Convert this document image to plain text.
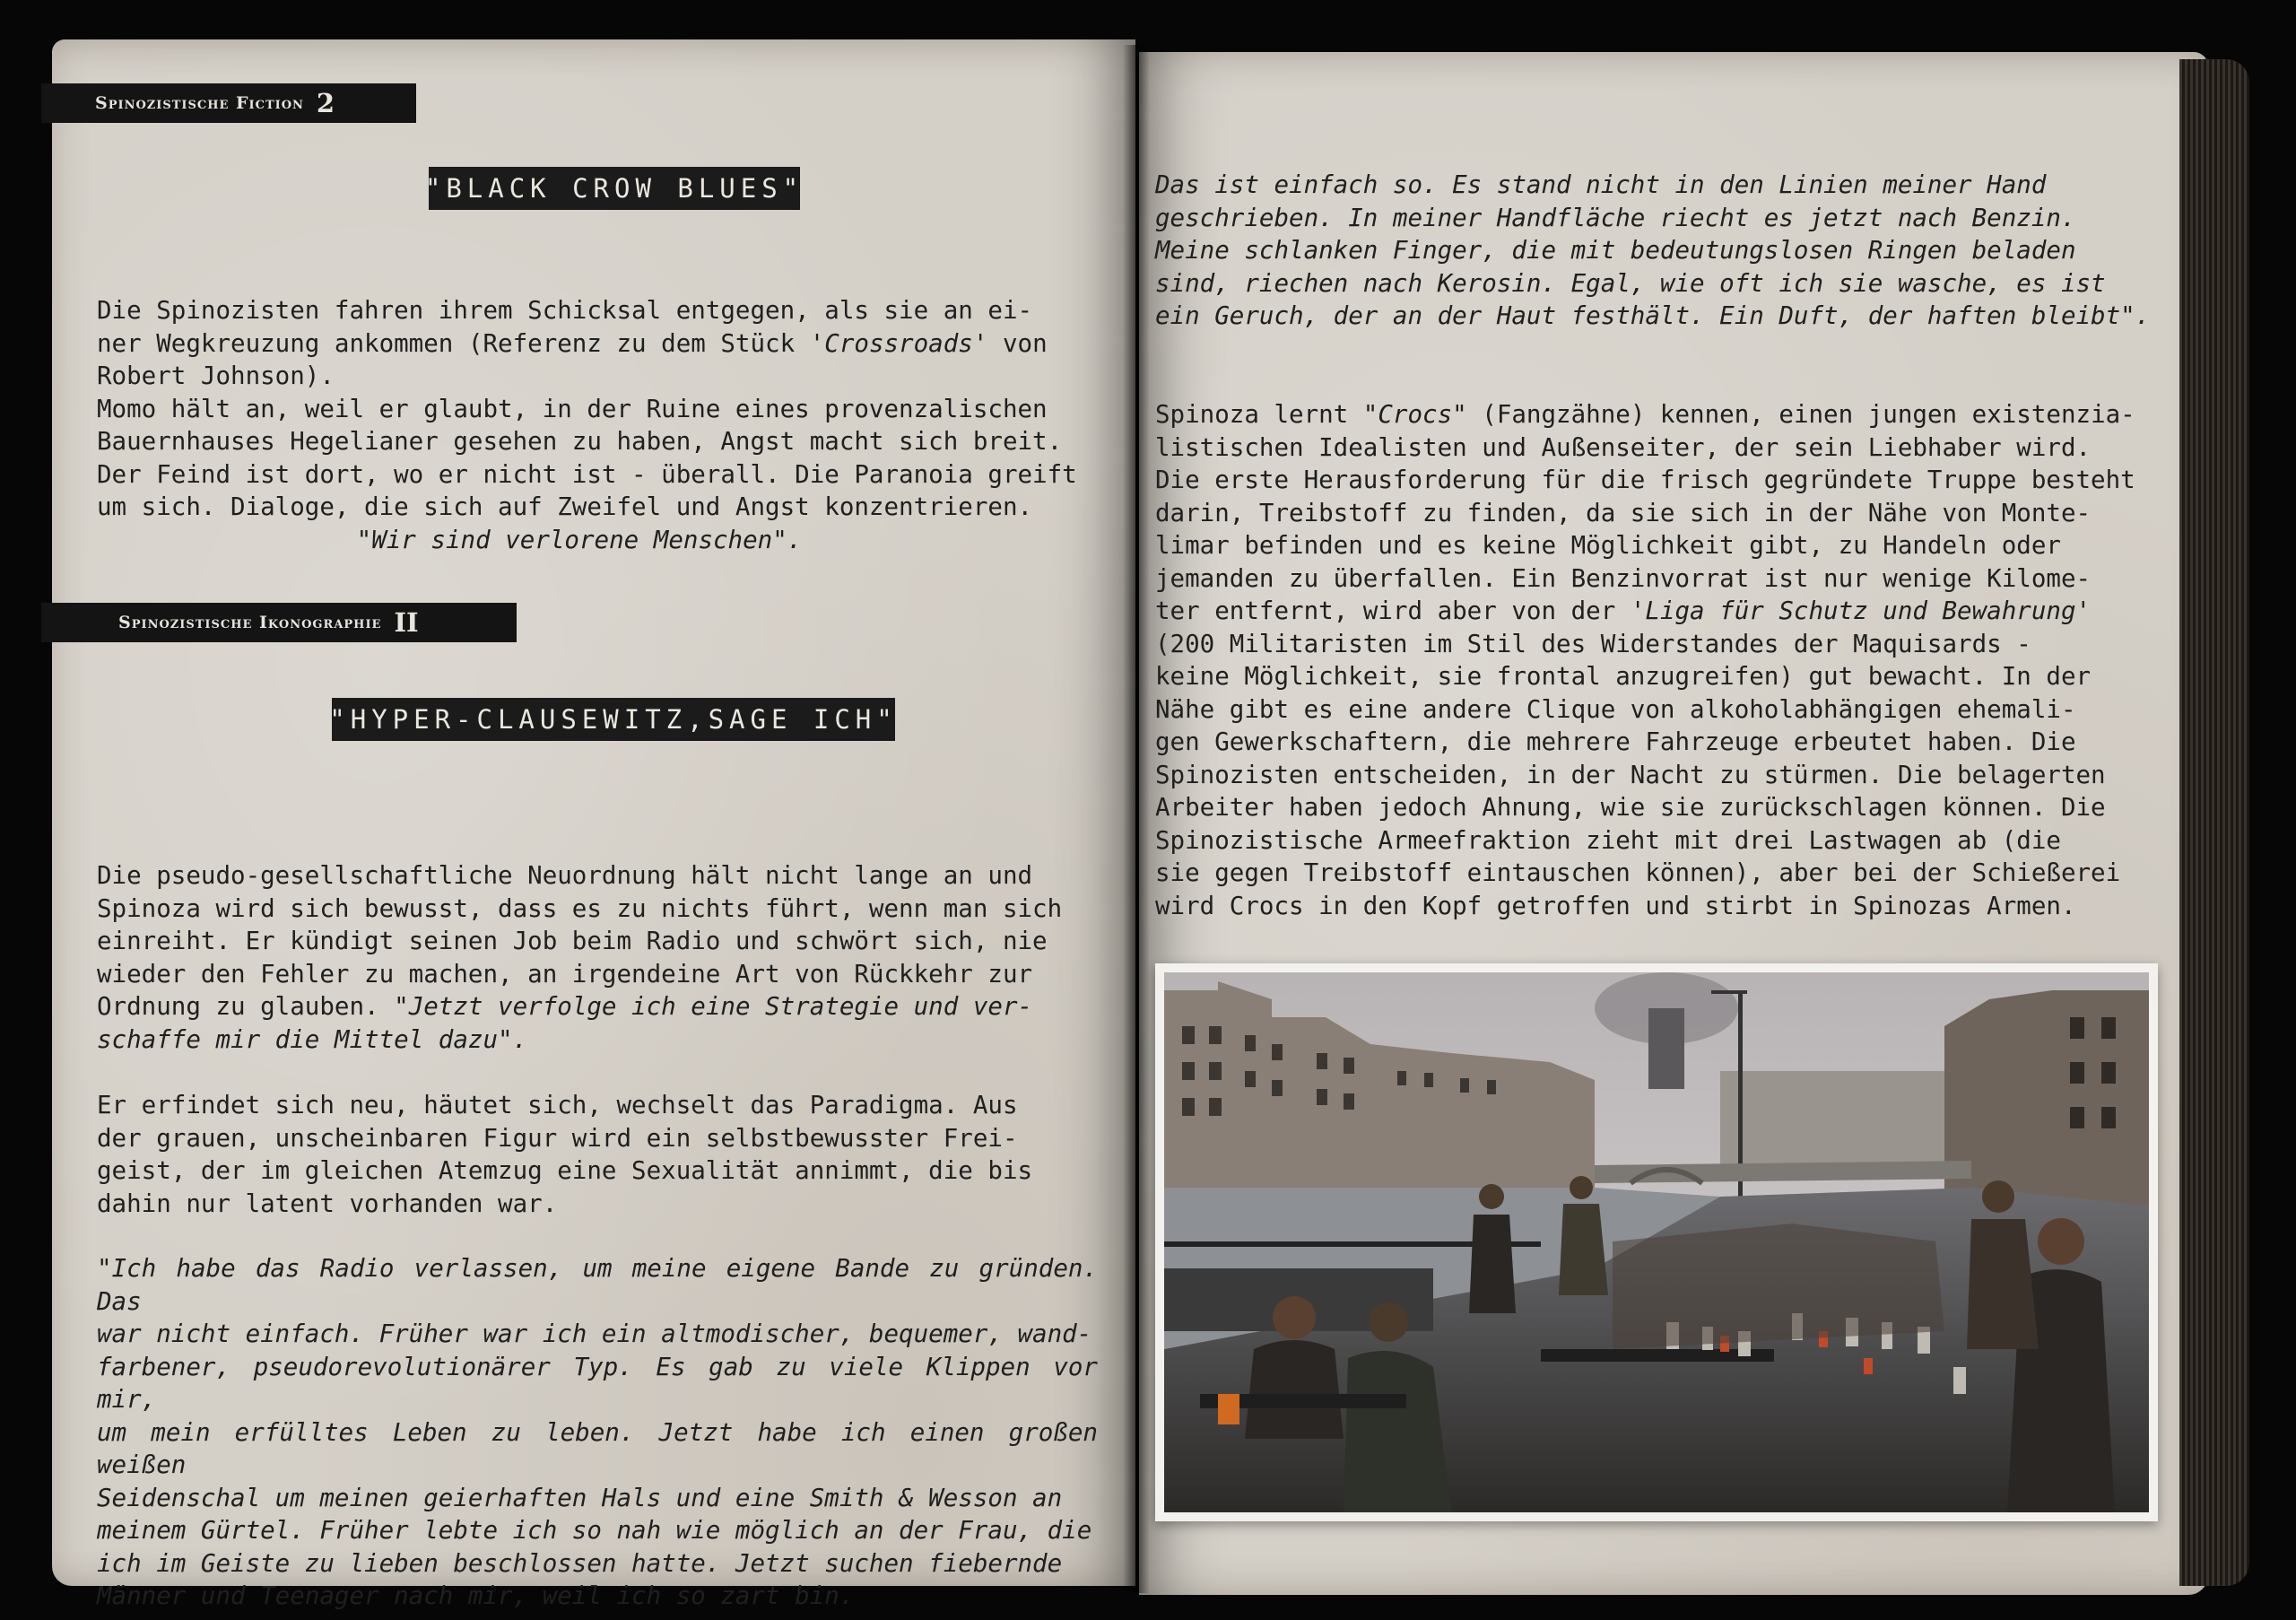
Spinozistische Fiction 2
"BLACK CROW BLUES"

Die Spinozisten fahren ihrem Schicksal entgegen, als sie an ei-

ner Wegkreuzung ankommen (Referenz zu dem Stück 'Crossroads' von

Robert Johnson).

Momo hält an, weil er glaubt, in der Ruine eines provenzalischen

Bauernhauses Hegelianer gesehen zu haben, Angst macht sich breit.

Der Feind ist dort, wo er nicht ist - überall. Die Paranoia greift

um sich. Dialoge, die sich auf Zweifel und Angst konzentrieren.

"Wir sind verlorene Menschen".

Spinozistische Ikonographie II
"HYPER-CLAUSEWITZ,SAGE ICH"

Die pseudo-gesellschaftliche Neuordnung hält nicht lange an und

Spinoza wird sich bewusst, dass es zu nichts führt, wenn man sich

einreiht. Er kündigt seinen Job beim Radio und schwört sich, nie

wieder den Fehler zu machen, an irgendeine Art von Rückkehr zur

Ordnung zu glauben. "Jetzt verfolge ich eine Strategie und ver-

schaffe mir die Mittel dazu".

Er erfindet sich neu, häutet sich, wechselt das Paradigma. Aus

der grauen, unscheinbaren Figur wird ein selbstbewusster Frei-

geist, der im gleichen Atemzug eine Sexualität annimmt, die bis

dahin nur latent vorhanden war.

"Ich habe das Radio verlassen, um meine eigene Bande zu gründen. Das

war nicht einfach. Früher war ich ein altmodischer, bequemer, wand-

farbener, pseudorevolutionärer Typ. Es gab zu viele Klippen vor mir,

um mein erfülltes Leben zu leben. Jetzt habe ich einen großen weißen

Seidenschal um meinen geierhaften Hals und eine Smith & Wesson an

meinem Gürtel. Früher lebte ich so nah wie möglich an der Frau, die

ich im Geiste zu lieben beschlossen hatte. Jetzt suchen fiebernde

Männer und Teenager nach mir, weil ich so zart bin.

Das ist einfach so. Es stand nicht in den Linien meiner Hand

geschrieben. In meiner Handfläche riecht es jetzt nach Benzin.

Meine schlanken Finger, die mit bedeutungslosen Ringen beladen

sind, riechen nach Kerosin. Egal, wie oft ich sie wasche, es ist

ein Geruch, der an der Haut festhält. Ein Duft, der haften bleibt".

Spinoza lernt "Crocs" (Fangzähne) kennen, einen jungen existenzia-

listischen Idealisten und Außenseiter, der sein Liebhaber wird.

Die erste Herausforderung für die frisch gegründete Truppe besteht

darin, Treibstoff zu finden, da sie sich in der Nähe von Monte-

limar befinden und es keine Möglichkeit gibt, zu Handeln oder

jemanden zu überfallen. Ein Benzinvorrat ist nur wenige Kilome-

ter entfernt, wird aber von der 'Liga für Schutz und Bewahrung'

(200 Militaristen im Stil des Widerstandes der Maquisards -

keine Möglichkeit, sie frontal anzugreifen) gut bewacht. In der

Nähe gibt es eine andere Clique von alkoholabhängigen ehemali-

gen Gewerkschaftern, die mehrere Fahrzeuge erbeutet haben. Die

Spinozisten entscheiden, in der Nacht zu stürmen. Die belagerten

Arbeiter haben jedoch Ahnung, wie sie zurückschlagen können. Die

Spinozistische Armeefraktion zieht mit drei Lastwagen ab (die

sie gegen Treibstoff eintauschen können), aber bei der Schießerei

wird Crocs in den Kopf getroffen und stirbt in Spinozas Armen.
